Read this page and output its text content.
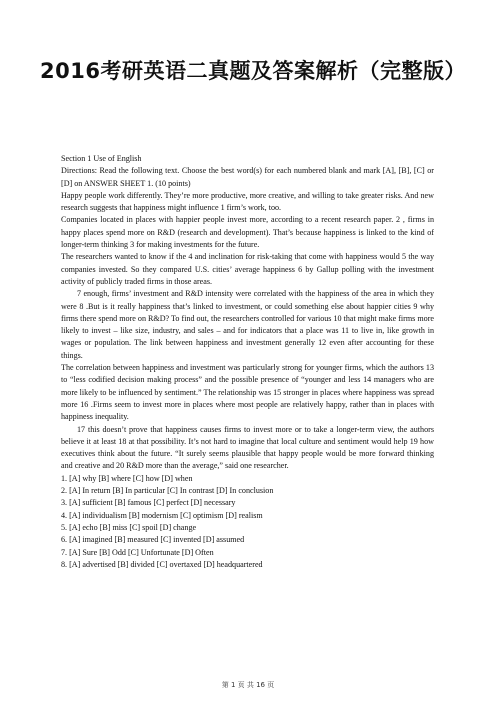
2016考研英语二真题及答案解析（完整版）

Section 1 Use of English

Directions: Read the following text. Choose the best word(s) for each numbered blank and mark [A], [B], [C] or [D] on ANSWER SHEET 1. (10 points)

Happy people work differently. They’re more productive, more creative, and willing to take greater risks. And new research suggests that happiness might influence 1 firm’s work, too.

Companies located in places with happier people invest more, according to a recent research paper. 2 , firms in happy places spend more on R&D (research and development). That’s because happiness is linked to the kind of longer-term thinking 3 for making investments for the future.

The researchers wanted to know if the 4 and inclination for risk-taking that come with happiness would 5 the way companies invested. So they compared U.S. cities’ average happiness 6 by Gallup polling with the investment activity of publicly traded firms in those areas.

7 enough, firms’ investment and R&D intensity were correlated with the happiness of the area in which they were 8 .But is it really happiness that’s linked to investment, or could something else about happier cities 9 why firms there spend more on R&D? To find out, the researchers controlled for various 10 that might make firms more likely to invest – like size, industry, and sales – and for indicators that a place was 11 to live in, like growth in wages or population. The link between happiness and investment generally 12 even after accounting for these things.

The correlation between happiness and investment was particularly strong for younger firms, which the authors 13 to “less codified decision making process” and the possible presence of “younger and less 14 managers who are more likely to be influenced by sentiment.” The relationship was 15 stronger in places where happiness was spread more 16 .Firms seem to invest more in places where most people are relatively happy, rather than in places with happiness inequality.

17 this doesn’t prove that happiness causes firms to invest more or to take a longer-term view, the authors believe it at least 18 at that possibility. It’s not hard to imagine that local culture and sentiment would help 19 how executives think about the future. “It surely seems plausible that happy people would be more forward thinking and creative and 20 R&D more than the average,” said one researcher.

1. [A] why [B] where [C] how [D] when

2. [A] In return [B] In particular [C] In contrast [D] In conclusion

3. [A] sufficient [B] famous [C] perfect [D] necessary

4. [A] individualism [B] modernism [C] optimism [D] realism

5. [A] echo [B] miss [C] spoil [D] change

6. [A] imagined [B] measured [C] invented [D] assumed

7. [A] Sure [B] Odd [C] Unfortunate [D] Often

8. [A] advertised [B] divided [C] overtaxed [D] headquartered

第 1 页 共 16 页
